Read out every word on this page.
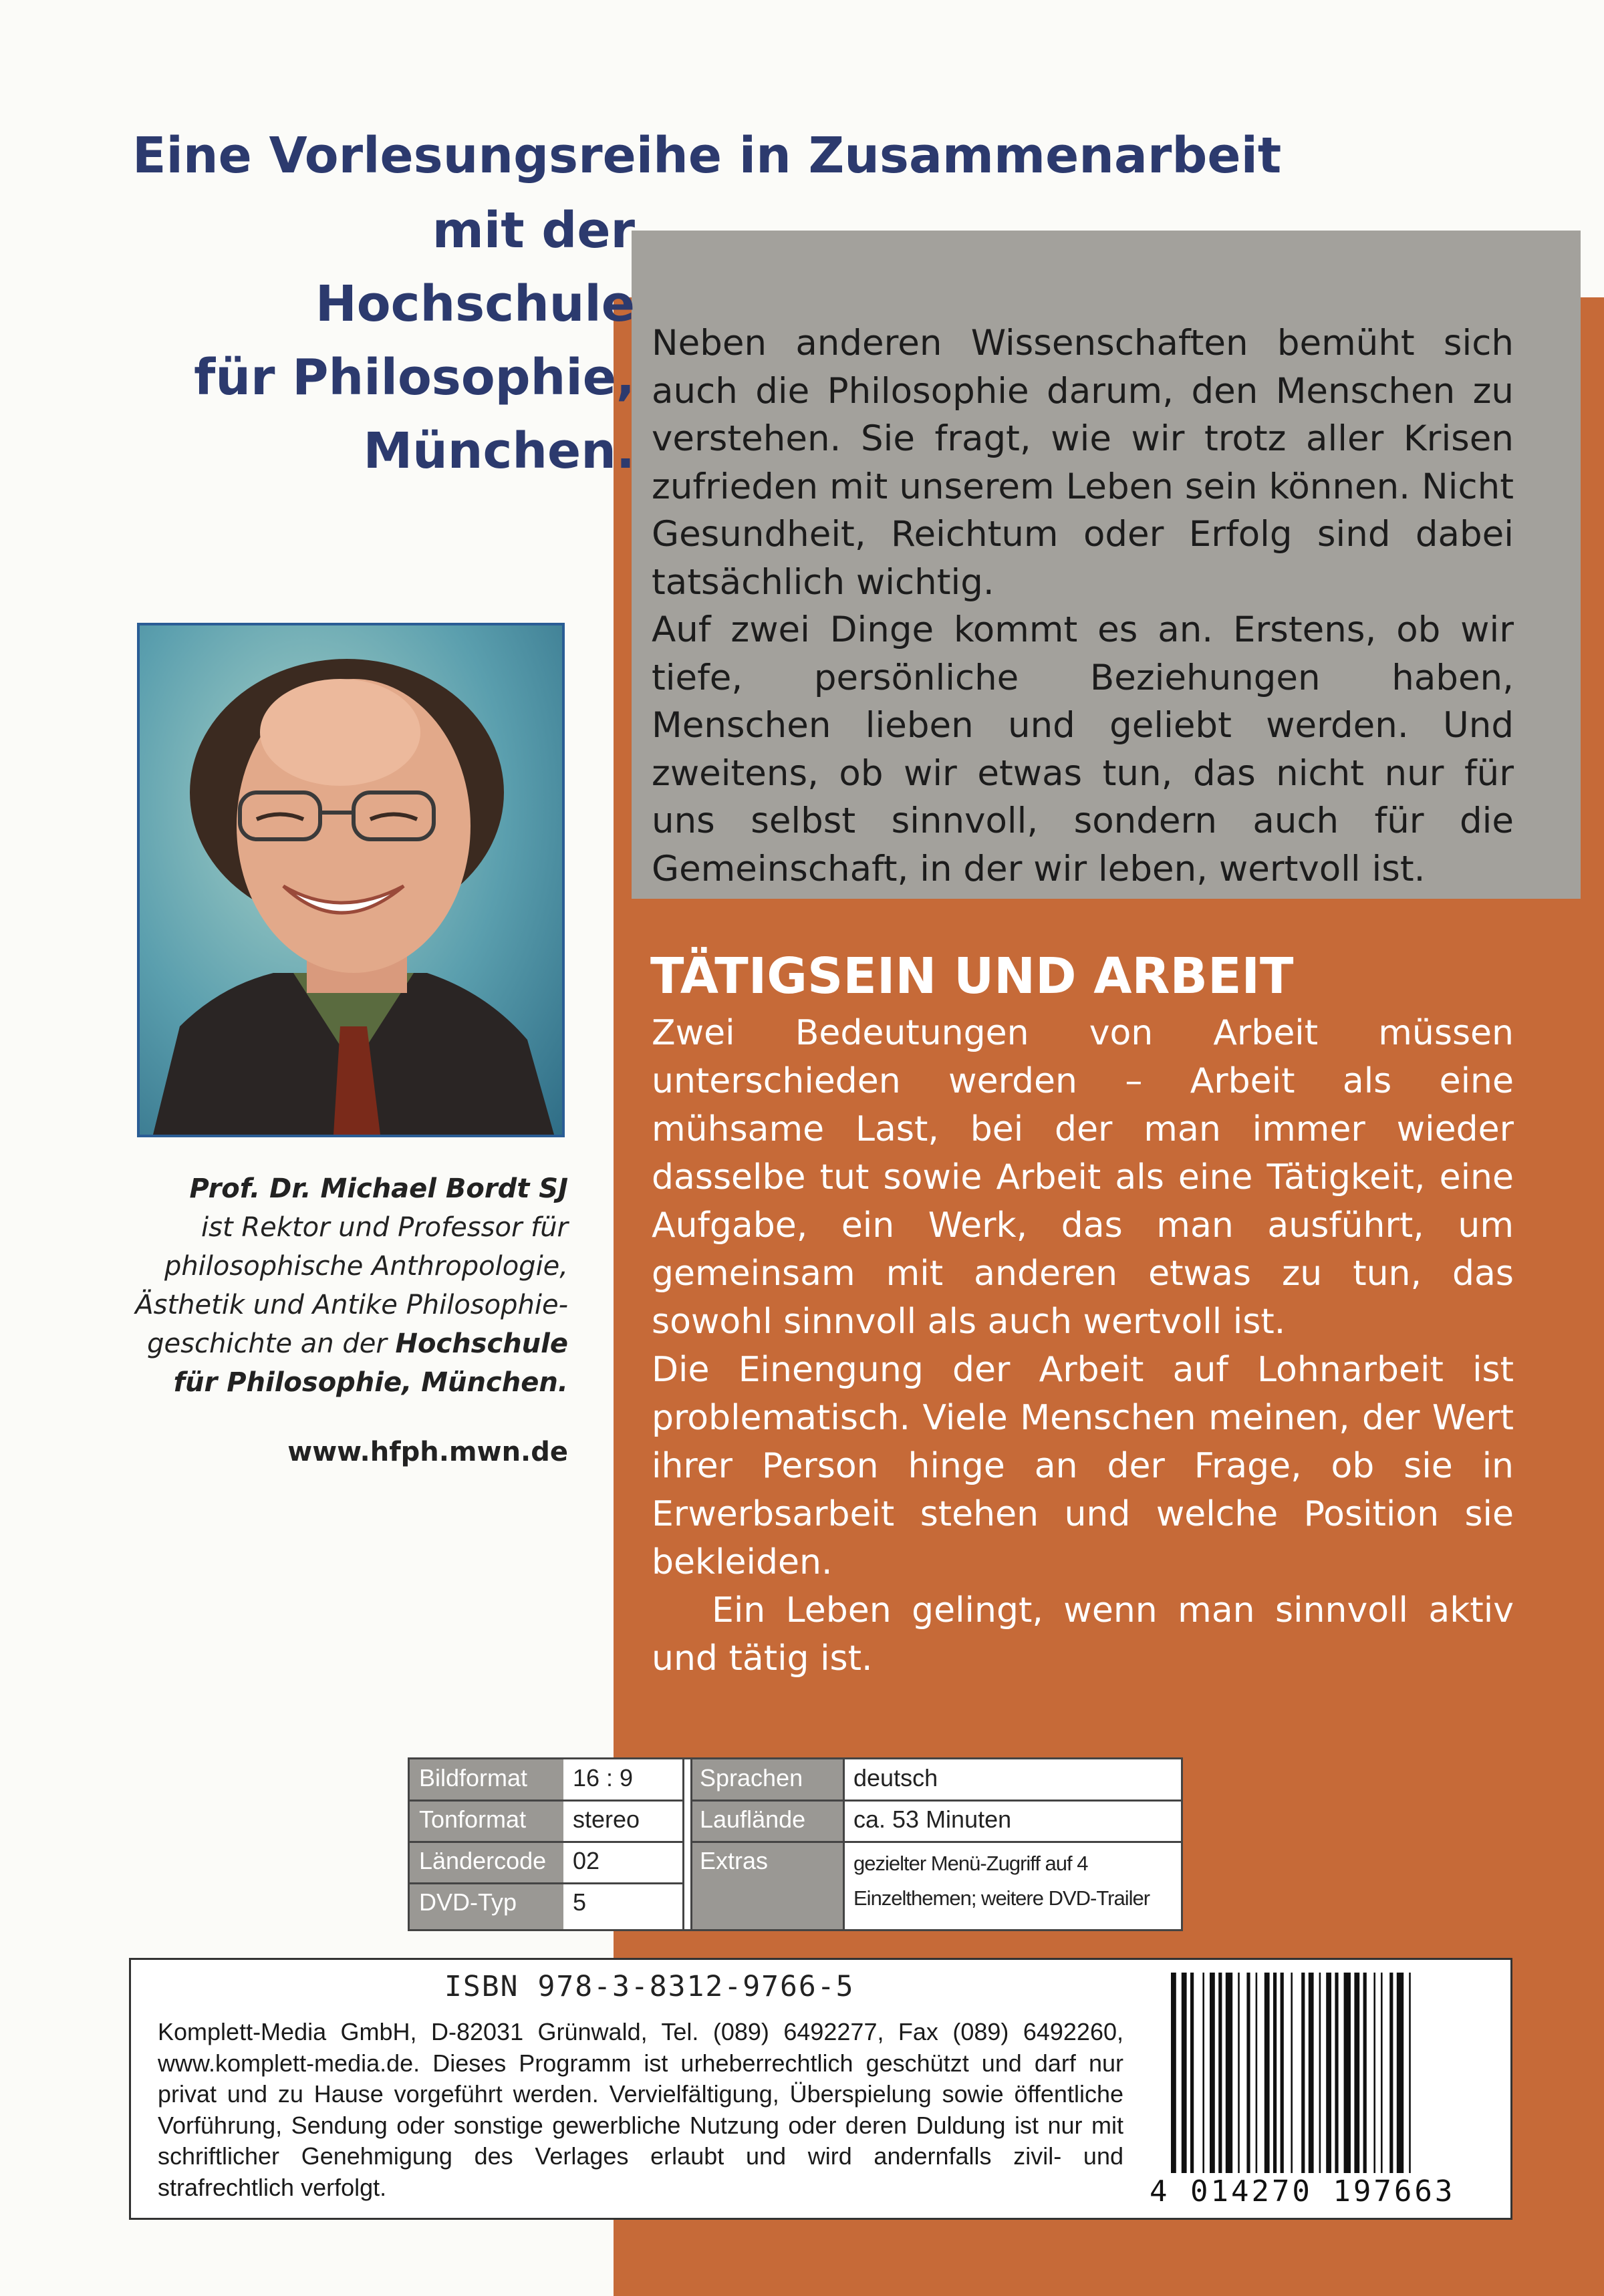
Eine Vorlesungsreihe in Zusammenarbeit
mit der
Hochschule
für Philosophie,
München.

Neben anderen Wissenschaften bemüht sich auch die Philosophie darum, den Menschen zu verstehen. Sie fragt, wie wir trotz aller Krisen zufrieden mit unserem Leben sein können. Nicht Gesundheit, Reichtum oder Erfolg sind dabei tatsächlich wichtig.

Auf zwei Dinge kommt es an. Erstens, ob wir tiefe, persönliche Beziehungen haben, Menschen lieben und geliebt werden. Und zweitens, ob wir etwas tun, das nicht nur für uns selbst sinnvoll, sondern auch für die Gemeinschaft, in der wir leben, wertvoll ist.

TÄTIGSEIN UND ARBEIT

Zwei Bedeutungen von Arbeit müssen unterschieden werden – Arbeit als eine mühsame Last, bei der man immer wieder dasselbe tut sowie Arbeit als eine Tätigkeit, eine Aufgabe, ein Werk, das man ausführt, um gemeinsam mit anderen etwas zu tun, das sowohl sinnvoll als auch wertvoll ist.

Die Einengung der Arbeit auf Lohnarbeit ist problematisch. Viele Menschen meinen, der Wert ihrer Person hinge an der Frage, ob sie in Erwerbsarbeit stehen und welche Position sie bekleiden.

Ein Leben gelingt, wenn man sinnvoll aktiv und tätig ist.

Prof. Dr. Michael Bordt SJ
ist Rektor und Professor für
philosophische Anthropologie,
Ästhetik und Antike Philosophie-
geschichte an der Hochschule
für Philosophie, München.
www.hfph.mwn.de
Bildformat	16 : 9
Tonformat	stereo
Ländercode	02
DVD-Typ	5
Sprachen	deutsch
Lauflände	ca. 53 Minuten
Extras	gezielter Menü-Zugriff auf 4
Einzelthemen; weitere DVD-Trailer
ISBN 978-3-8312-9766-5
Komplett-Media GmbH, D-82031 Grünwald, Tel. (089) 6492277, Fax (089) 6492260, www.komplett-media.de. Dieses Programm ist urheberrechtlich geschützt und darf nur privat und zu Hause vorgeführt werden. Vervielfältigung, Überspielung sowie öffentliche Vorführung, Sendung oder sonstige gewerbliche Nutzung oder deren Duldung ist nur mit schriftlicher Genehmigung des Verlages erlaubt und wird andernfalls zivil- und strafrechtlich verfolgt.	4 014270 197663
